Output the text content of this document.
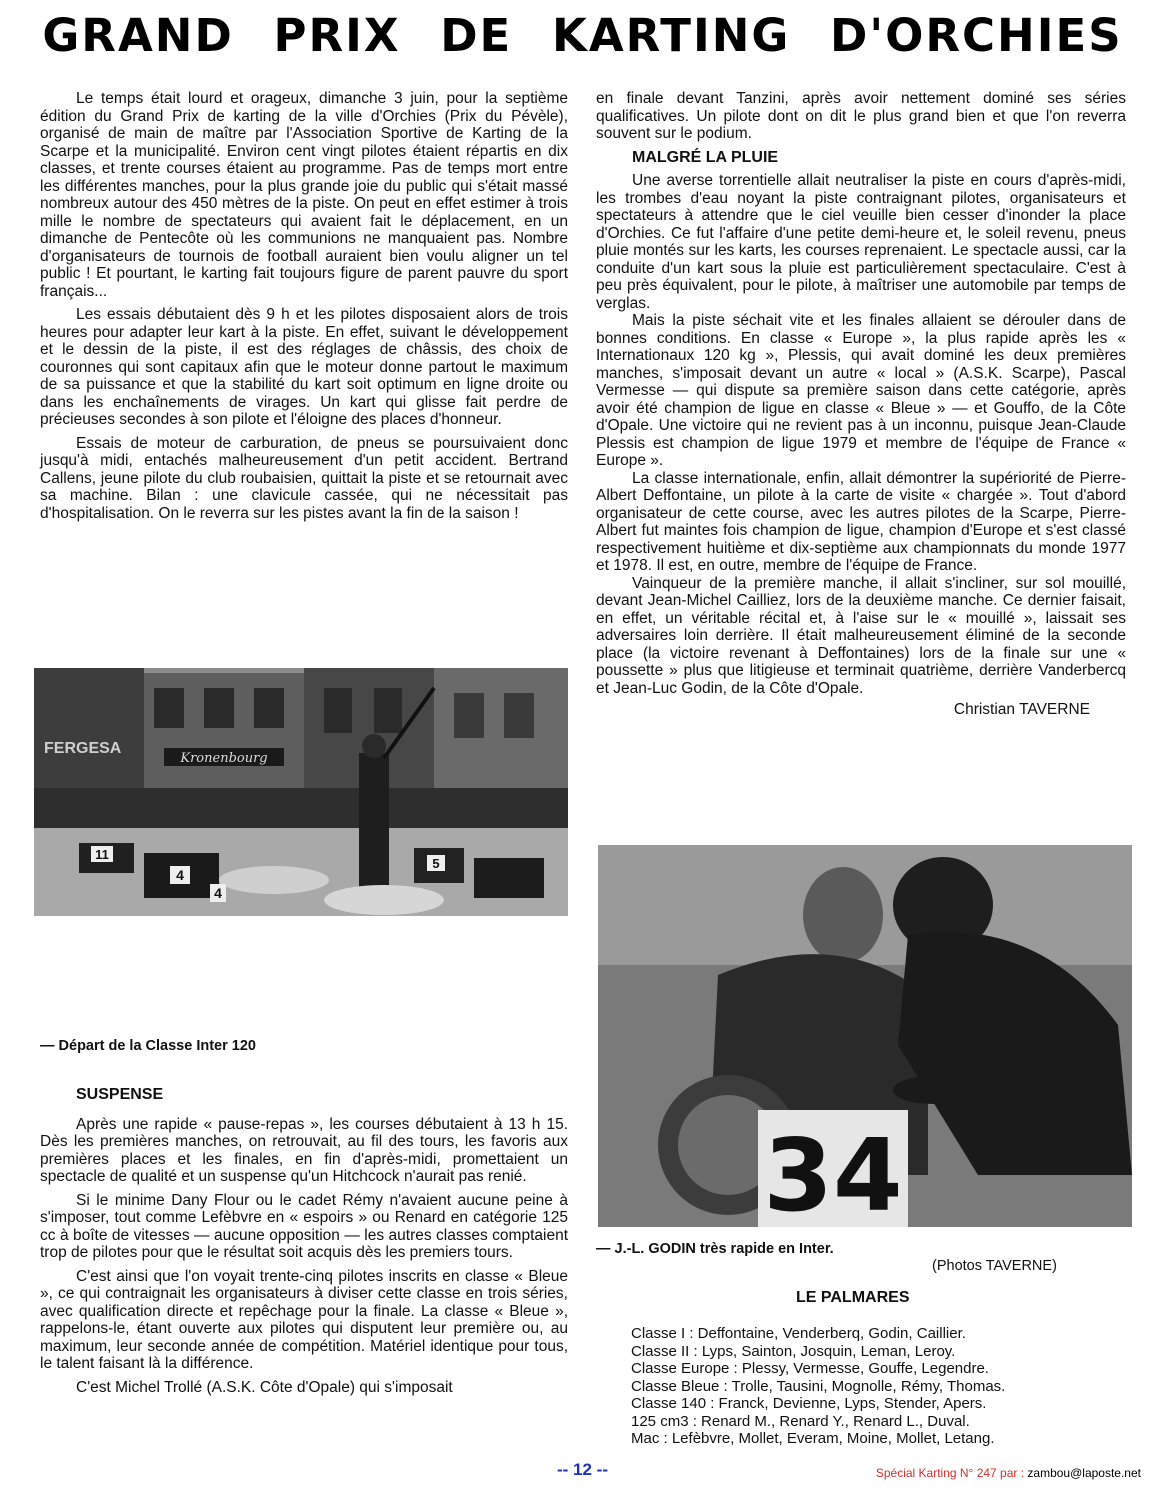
GRAND PRIX DE KARTING D'ORCHIES

Le temps était lourd et orageux, dimanche 3 juin, pour la septième édition du Grand Prix de karting de la ville d'Orchies (Prix du Pévèle), organisé de main de maître par l'Association Sportive de Karting de la Scarpe et la municipalité. Environ cent vingt pilotes étaient répartis en dix classes, et trente courses étaient au programme. Pas de temps mort entre les différentes manches, pour la plus grande joie du public qui s'était massé nombreux autour des 450 mètres de la piste. On peut en effet estimer à trois mille le nombre de spectateurs qui avaient fait le déplacement, en un dimanche de Pentecôte où les communions ne manquaient pas. Nombre d'organisateurs de tournois de football auraient bien voulu aligner un tel public ! Et pourtant, le karting fait toujours figure de parent pauvre du sport français...

Les essais débutaient dès 9 h et les pilotes disposaient alors de trois heures pour adapter leur kart à la piste. En effet, suivant le développement et le dessin de la piste, il est des réglages de châssis, des choix de couronnes qui sont capitaux afin que le moteur donne partout le maximum de sa puissance et que la stabilité du kart soit optimum en ligne droite ou dans les enchaînements de virages. Un kart qui glisse fait perdre de précieuses secondes à son pilote et l'éloigne des places d'honneur.

Essais de moteur de carburation, de pneus se poursuivaient donc jusqu'à midi, entachés malheureusement d'un petit accident. Bertrand Callens, jeune pilote du club roubaisien, quittait la piste et se retournait avec sa machine. Bilan : une clavicule cassée, qui ne nécessitait pas d'hospitalisation. On le reverra sur les pistes avant la fin de la saison !

Kronenbourg
FERGESA
11
4
4
5
— Départ de la Classe Inter 120

SUSPENSE

Après une rapide « pause-repas », les courses débutaient à 13 h 15. Dès les premières manches, on retrouvait, au fil des tours, les favoris aux premières places et les finales, en fin d'après-midi, promettaient un spectacle de qualité et un suspense qu'un Hitchcock n'aurait pas renié.

Si le minime Dany Flour ou le cadet Rémy n'avaient aucune peine à s'imposer, tout comme Lefèbvre en « espoirs » ou Renard en catégorie 125 cc à boîte de vitesses — aucune opposition — les autres classes comptaient trop de pilotes pour que le résultat soit acquis dès les premiers tours.

C'est ainsi que l'on voyait trente-cinq pilotes inscrits en classe « Bleue », ce qui contraignait les organisateurs à diviser cette classe en trois séries, avec qualification directe et repêchage pour la finale. La classe « Bleue », rappelons-le, étant ouverte aux pilotes qui disputent leur première ou, au maximum, leur seconde année de compétition. Matériel identique pour tous, le talent faisant là la différence.

C'est Michel Trollé (A.S.K. Côte d'Opale) qui s'imposait

en finale devant Tanzini, après avoir nettement dominé ses séries qualificatives. Un pilote dont on dit le plus grand bien et que l'on reverra souvent sur le podium.

MALGRÉ LA PLUIE

Une averse torrentielle allait neutraliser la piste en cours d'après-midi, les trombes d'eau noyant la piste contraignant pilotes, organisateurs et spectateurs à attendre que le ciel veuille bien cesser d'inonder la place d'Orchies. Ce fut l'affaire d'une petite demi-heure et, le soleil revenu, pneus pluie montés sur les karts, les courses reprenaient. Le spectacle aussi, car la conduite d'un kart sous la pluie est particulièrement spectaculaire. C'est à peu près équivalent, pour le pilote, à maîtriser une automobile par temps de verglas.

Mais la piste séchait vite et les finales allaient se dérouler dans de bonnes conditions. En classe « Europe », la plus rapide après les « Internationaux 120 kg », Plessis, qui avait dominé les deux premières manches, s'imposait devant un autre « local » (A.S.K. Scarpe), Pascal Vermesse — qui dispute sa première saison dans cette catégorie, après avoir été champion de ligue en classe « Bleue » — et Gouffo, de la Côte d'Opale. Une victoire qui ne revient pas à un inconnu, puisque Jean-Claude Plessis est champion de ligue 1979 et membre de l'équipe de France « Europe ».

La classe internationale, enfin, allait démontrer la supériorité de Pierre-Albert Deffontaine, un pilote à la carte de visite « chargée ». Tout d'abord organisateur de cette course, avec les autres pilotes de la Scarpe, Pierre-Albert fut maintes fois champion de ligue, champion d'Europe et s'est classé respectivement huitième et dix-septième aux championnats du monde 1977 et 1978. Il est, en outre, membre de l'équipe de France.

Vainqueur de la première manche, il allait s'incliner, sur sol mouillé, devant Jean-Michel Cailliez, lors de la deuxième manche. Ce dernier faisait, en effet, un véritable récital et, à l'aise sur le « mouillé », laissait ses adversaires loin derrière. Il était malheureusement éliminé de la seconde place (la victoire revenant à Deffontaines) lors de la finale sur une « poussette » plus que litigieuse et terminait quatrième, derrière Vanderbercq et Jean-Luc Godin, de la Côte d'Opale.

Christian TAVERNE
34
— J.-L. GODIN très rapide en Inter.
(Photos TAVERNE)
LE PALMARES
Classe I : Deffontaine, Venderberq, Godin, Caillier.
Classe II : Lyps, Sainton, Josquin, Leman, Leroy.
Classe Europe : Plessy, Vermesse, Gouffe, Legendre.
Classe Bleue : Trolle, Tausini, Mognolle, Rémy, Thomas.
Classe 140 : Franck, Devienne, Lyps, Stender, Apers.
125 cm3 : Renard M., Renard Y., Renard L., Duval.
Mac : Lefèbvre, Mollet, Everam, Moine, Mollet, Letang.
-- 12 --	Spécial Karting N° 247 par : zambou@laposte.net
